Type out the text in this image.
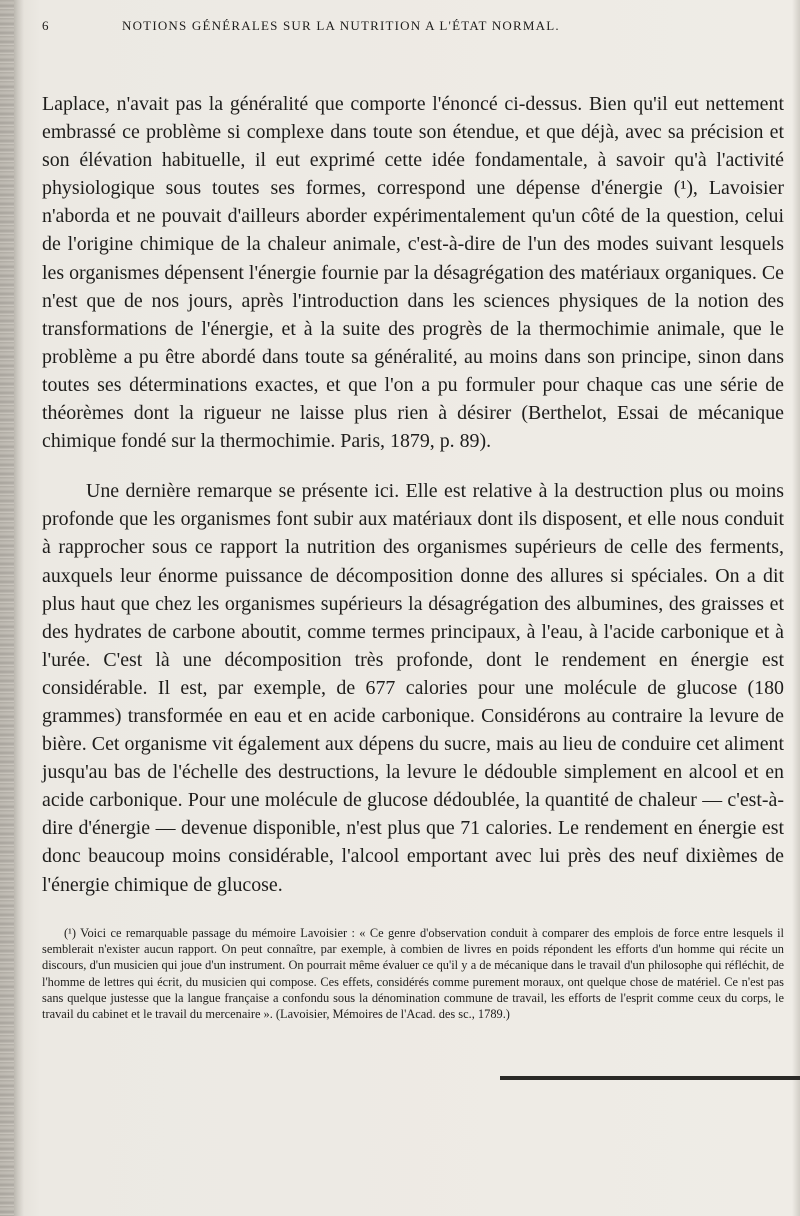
6	NOTIONS GÉNÉRALES SUR LA NUTRITION A L'ÉTAT NORMAL.

Laplace, n'avait pas la généralité que comporte l'énoncé ci-dessus. Bien qu'il eut nettement embrassé ce problème si complexe dans toute son étendue, et que déjà, avec sa précision et son élévation habituelle, il eut exprimé cette idée fondamentale, à savoir qu'à l'activité physiologique sous toutes ses formes, correspond une dépense d'énergie (¹), Lavoisier n'aborda et ne pouvait d'ailleurs aborder expérimentalement qu'un côté de la question, celui de l'origine chimique de la chaleur animale, c'est-à-dire de l'un des modes suivant lesquels les organismes dépensent l'énergie fournie par la désagrégation des matériaux organiques. Ce n'est que de nos jours, après l'introduction dans les sciences physiques de la notion des transformations de l'énergie, et à la suite des progrès de la thermochimie animale, que le problème a pu être abordé dans toute sa généralité, au moins dans son principe, sinon dans toutes ses déterminations exactes, et que l'on a pu formuler pour chaque cas une série de théorèmes dont la rigueur ne laisse plus rien à désirer (Berthelot, Essai de mécanique chimique fondé sur la thermochimie. Paris, 1879, p. 89).

Une dernière remarque se présente ici. Elle est relative à la destruction plus ou moins profonde que les organismes font subir aux matériaux dont ils disposent, et elle nous conduit à rapprocher sous ce rapport la nutrition des organismes supérieurs de celle des ferments, auxquels leur énorme puissance de décomposition donne des allures si spéciales. On a dit plus haut que chez les organismes supérieurs la désagrégation des albumines, des graisses et des hydrates de carbone aboutit, comme termes principaux, à l'eau, à l'acide carbonique et à l'urée. C'est là une décomposition très profonde, dont le rendement en énergie est considérable. Il est, par exemple, de 677 calories pour une molécule de glucose (180 grammes) transformée en eau et en acide carbonique. Considérons au contraire la levure de bière. Cet organisme vit également aux dépens du sucre, mais au lieu de conduire cet aliment jusqu'au bas de l'échelle des destructions, la levure le dédouble simplement en alcool et en acide carbonique. Pour une molécule de glucose dédoublée, la quantité de chaleur — c'est-à-dire d'énergie — devenue disponible, n'est plus que 71 calories. Le rendement en énergie est donc beaucoup moins considérable, l'alcool emportant avec lui près des neuf dixièmes de l'énergie chimique de glucose.

(¹) Voici ce remarquable passage du mémoire Lavoisier : « Ce genre d'observation conduit à comparer des emplois de force entre lesquels il semblerait n'exister aucun rapport. On peut connaître, par exemple, à combien de livres en poids répondent les efforts d'un homme qui récite un discours, d'un musicien qui joue d'un instrument. On pourrait même évaluer ce qu'il y a de mécanique dans le travail d'un philosophe qui réfléchit, de l'homme de lettres qui écrit, du musicien qui compose. Ces effets, considérés comme purement moraux, ont quelque chose de matériel. Ce n'est pas sans quelque justesse que la langue française a confondu sous la dénomination commune de travail, les efforts de l'esprit comme ceux du corps, le travail du cabinet et le travail du mercenaire ». (Lavoisier, Mémoires de l'Acad. des sc., 1789.)
